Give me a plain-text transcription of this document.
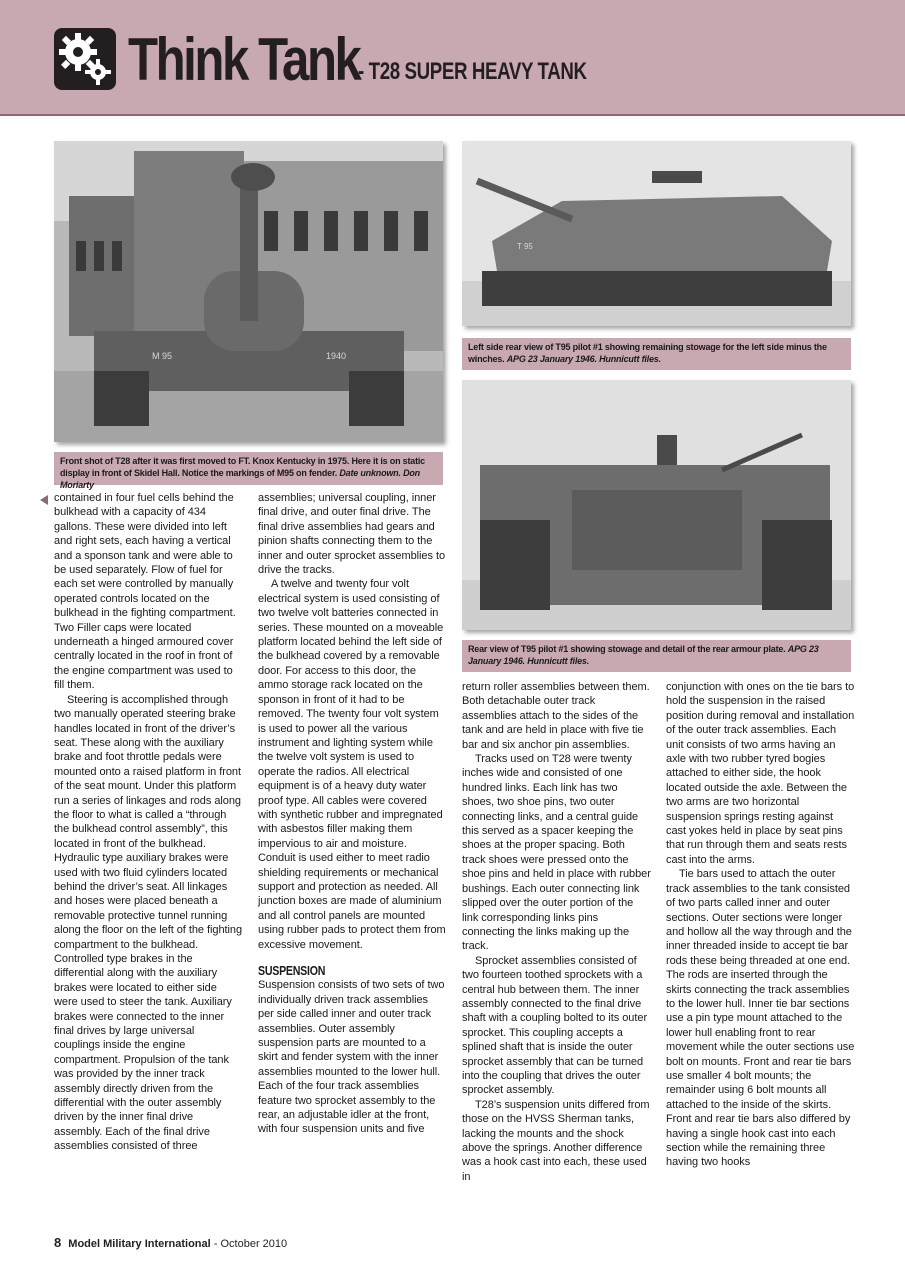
Think Tank
- T28 SUPER HEAVY TANK
M 95	1940
Front shot of T28 after it was first moved to FT. Knox Kentucky in 1975. Here it is on static display in front of Skidel Hall. Notice the markings of M95 on fender. Date unknown. Don Moriarty
T 95
Left side rear view of T95 pilot #1 showing remaining stowage for the left side minus the winches. APG 23 January 1946. Hunnicutt files.
Rear view of T95 pilot #1 showing stowage and detail of the rear armour plate. APG 23 January 1946. Hunnicutt files.

contained in four fuel cells behind the bulkhead with a capacity of 434 gallons. These were divided into left and right sets, each having a vertical and a sponson tank and were able to be used separately. Flow of fuel for each set were controlled by manually operated controls located on the bulkhead in the fighting compartment. Two Filler caps were located underneath a hinged armoured cover centrally located in the roof in front of the engine compartment was used to fill them.

Steering is accomplished through two manually operated steering brake handles located in front of the driver’s seat. These along with the auxiliary brake and foot throttle pedals were mounted onto a raised platform in front of the seat mount. Under this platform run a series of linkages and rods along the floor to what is called a “through the bulkhead control assembly”, this located in front of the bulkhead. Hydraulic type auxiliary brakes were used with two fluid cylinders located behind the driver’s seat. All linkages and hoses were placed beneath a removable protective tunnel running along the floor on the left of the fighting compartment to the bulkhead. Controlled type brakes in the differential along with the auxiliary brakes were located to either side were used to steer the tank. Auxiliary brakes were connected to the inner final drives by large universal couplings inside the engine compartment. Propulsion of the tank was provided by the inner track assembly directly driven from the differential with the outer assembly driven by the inner final drive assembly. Each of the final drive assemblies consisted of three

assemblies; universal coupling, inner final drive, and outer final drive. The final drive assemblies had gears and pinion shafts connecting them to the inner and outer sprocket assemblies to drive the tracks.

A twelve and twenty four volt electrical system is used consisting of two twelve volt batteries connected in series. These mounted on a moveable platform located behind the left side of the bulkhead covered by a removable door. For access to this door, the ammo storage rack located on the sponson in front of it had to be removed. The twenty four volt system is used to power all the various instrument and lighting system while the twelve volt system is used to operate the radios. All electrical equipment is of a heavy duty water proof type. All cables were covered with synthetic rubber and impregnated with asbestos filler making them impervious to air and moisture. Conduit is used either to meet radio shielding requirements or mechanical support and protection as needed. All junction boxes are made of aluminium and all control panels are mounted using rubber pads to protect them from excessive movement.

SUSPENSION

Suspension consists of two sets of two individually driven track assemblies per side called inner and outer track assemblies. Outer assembly suspension parts are mounted to a skirt and fender system with the inner assemblies mounted to the lower hull. Each of the four track assemblies feature two sprocket assembly to the rear, an adjustable idler at the front, with four suspension units and five

return roller assemblies between them. Both detachable outer track assemblies attach to the sides of the tank and are held in place with five tie bar and six anchor pin assemblies.

Tracks used on T28 were twenty inches wide and consisted of one hundred links. Each link has two shoes, two shoe pins, two outer connecting links, and a central guide this served as a spacer keeping the shoes at the proper spacing. Both track shoes were pressed onto the shoe pins and held in place with rubber bushings. Each outer connecting link slipped over the outer portion of the link corresponding links pins connecting the links making up the track.

Sprocket assemblies consisted of two fourteen toothed sprockets with a central hub between them. The inner assembly connected to the final drive shaft with a coupling bolted to its outer sprocket. This coupling accepts a splined shaft that is inside the outer sprocket assembly that can be turned into the coupling that drives the outer sprocket assembly.

T28’s suspension units differed from those on the HVSS Sherman tanks, lacking the mounts and the shock above the springs. Another difference was a hook cast into each, these used in

conjunction with ones on the tie bars to hold the suspension in the raised position during removal and installation of the outer track assemblies. Each unit consists of two arms having an axle with two rubber tyred bogies attached to either side, the hook located outside the axle. Between the two arms are two horizontal suspension springs resting against cast yokes held in place by seat pins that run through them and seats rests cast into the arms.

Tie bars used to attach the outer track assemblies to the tank consisted of two parts called inner and outer sections. Outer sections were longer and hollow all the way through and the inner threaded inside to accept tie bar rods these being threaded at one end. The rods are inserted through the skirts connecting the track assemblies to the lower hull. Inner tie bar sections use a pin type mount attached to the lower hull enabling front to rear movement while the outer sections use bolt on mounts. Front and rear tie bars use smaller 4 bolt mounts; the remainder using 6 bolt mounts all attached to the inside of the skirts. Front and rear tie bars also differed by having a single hook cast into each section while the remaining three having two hooks

8 Model Military International - October 2010
